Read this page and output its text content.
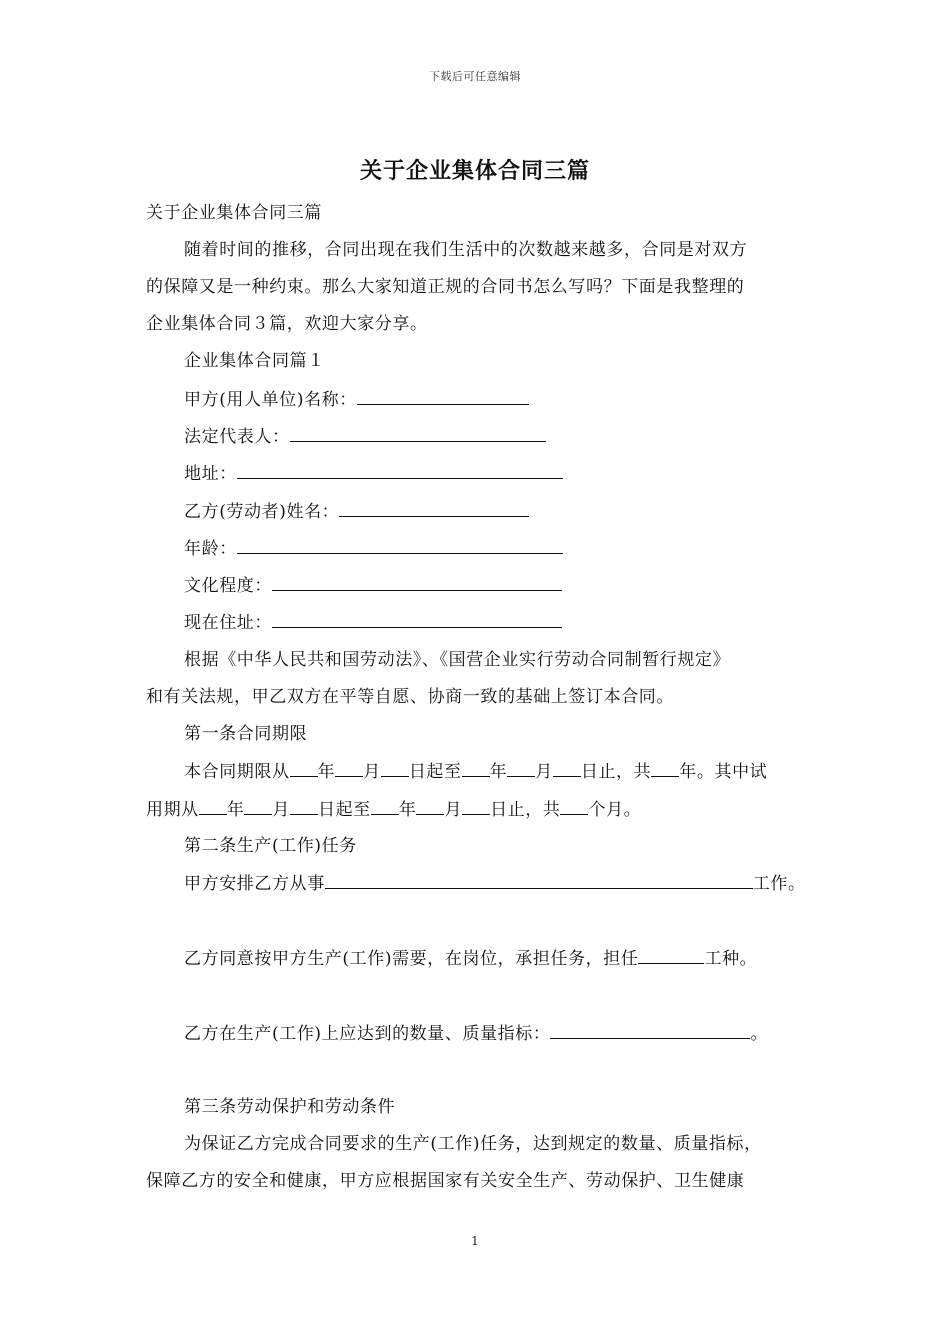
下载后可任意编辑
关于企业集体合同三篇
关于企业集体合同三篇
随着时间的推移，合同出现在我们生活中的次数越来越多，合同是对双方
的保障又是一种约束。那么大家知道正规的合同书怎么写吗？下面是我整理的
企业集体合同３篇，欢迎大家分享。
企业集体合同篇１
甲方(用人单位)名称：
法定代表人：
地址：
乙方(劳动者)姓名：
年龄：
文化程度：
现在住址：
根据《中华人民共和国劳动法》、《国营企业实行劳动合同制暂行规定》
和有关法规，甲乙双方在平等自愿、协商一致的基础上签订本合同。
第一条合同期限
本合同期限从 年 月 日起至 年 月 日止，共 年。其中试
用期从 年 月 日起至 年 月 日止，共 个月。
第二条生产(工作)任务
甲方安排乙方从事	工作。
乙方同意按甲方生产(工作)需要，在岗位，承担任务，担任	工种。
乙方在生产(工作)上应达到的数量、质量指标：	。
第三条劳动保护和劳动条件
为保证乙方完成合同要求的生产(工作)任务，达到规定的数量、质量指标，
保障乙方的安全和健康，甲方应根据国家有关安全生产、劳动保护、卫生健康
1
